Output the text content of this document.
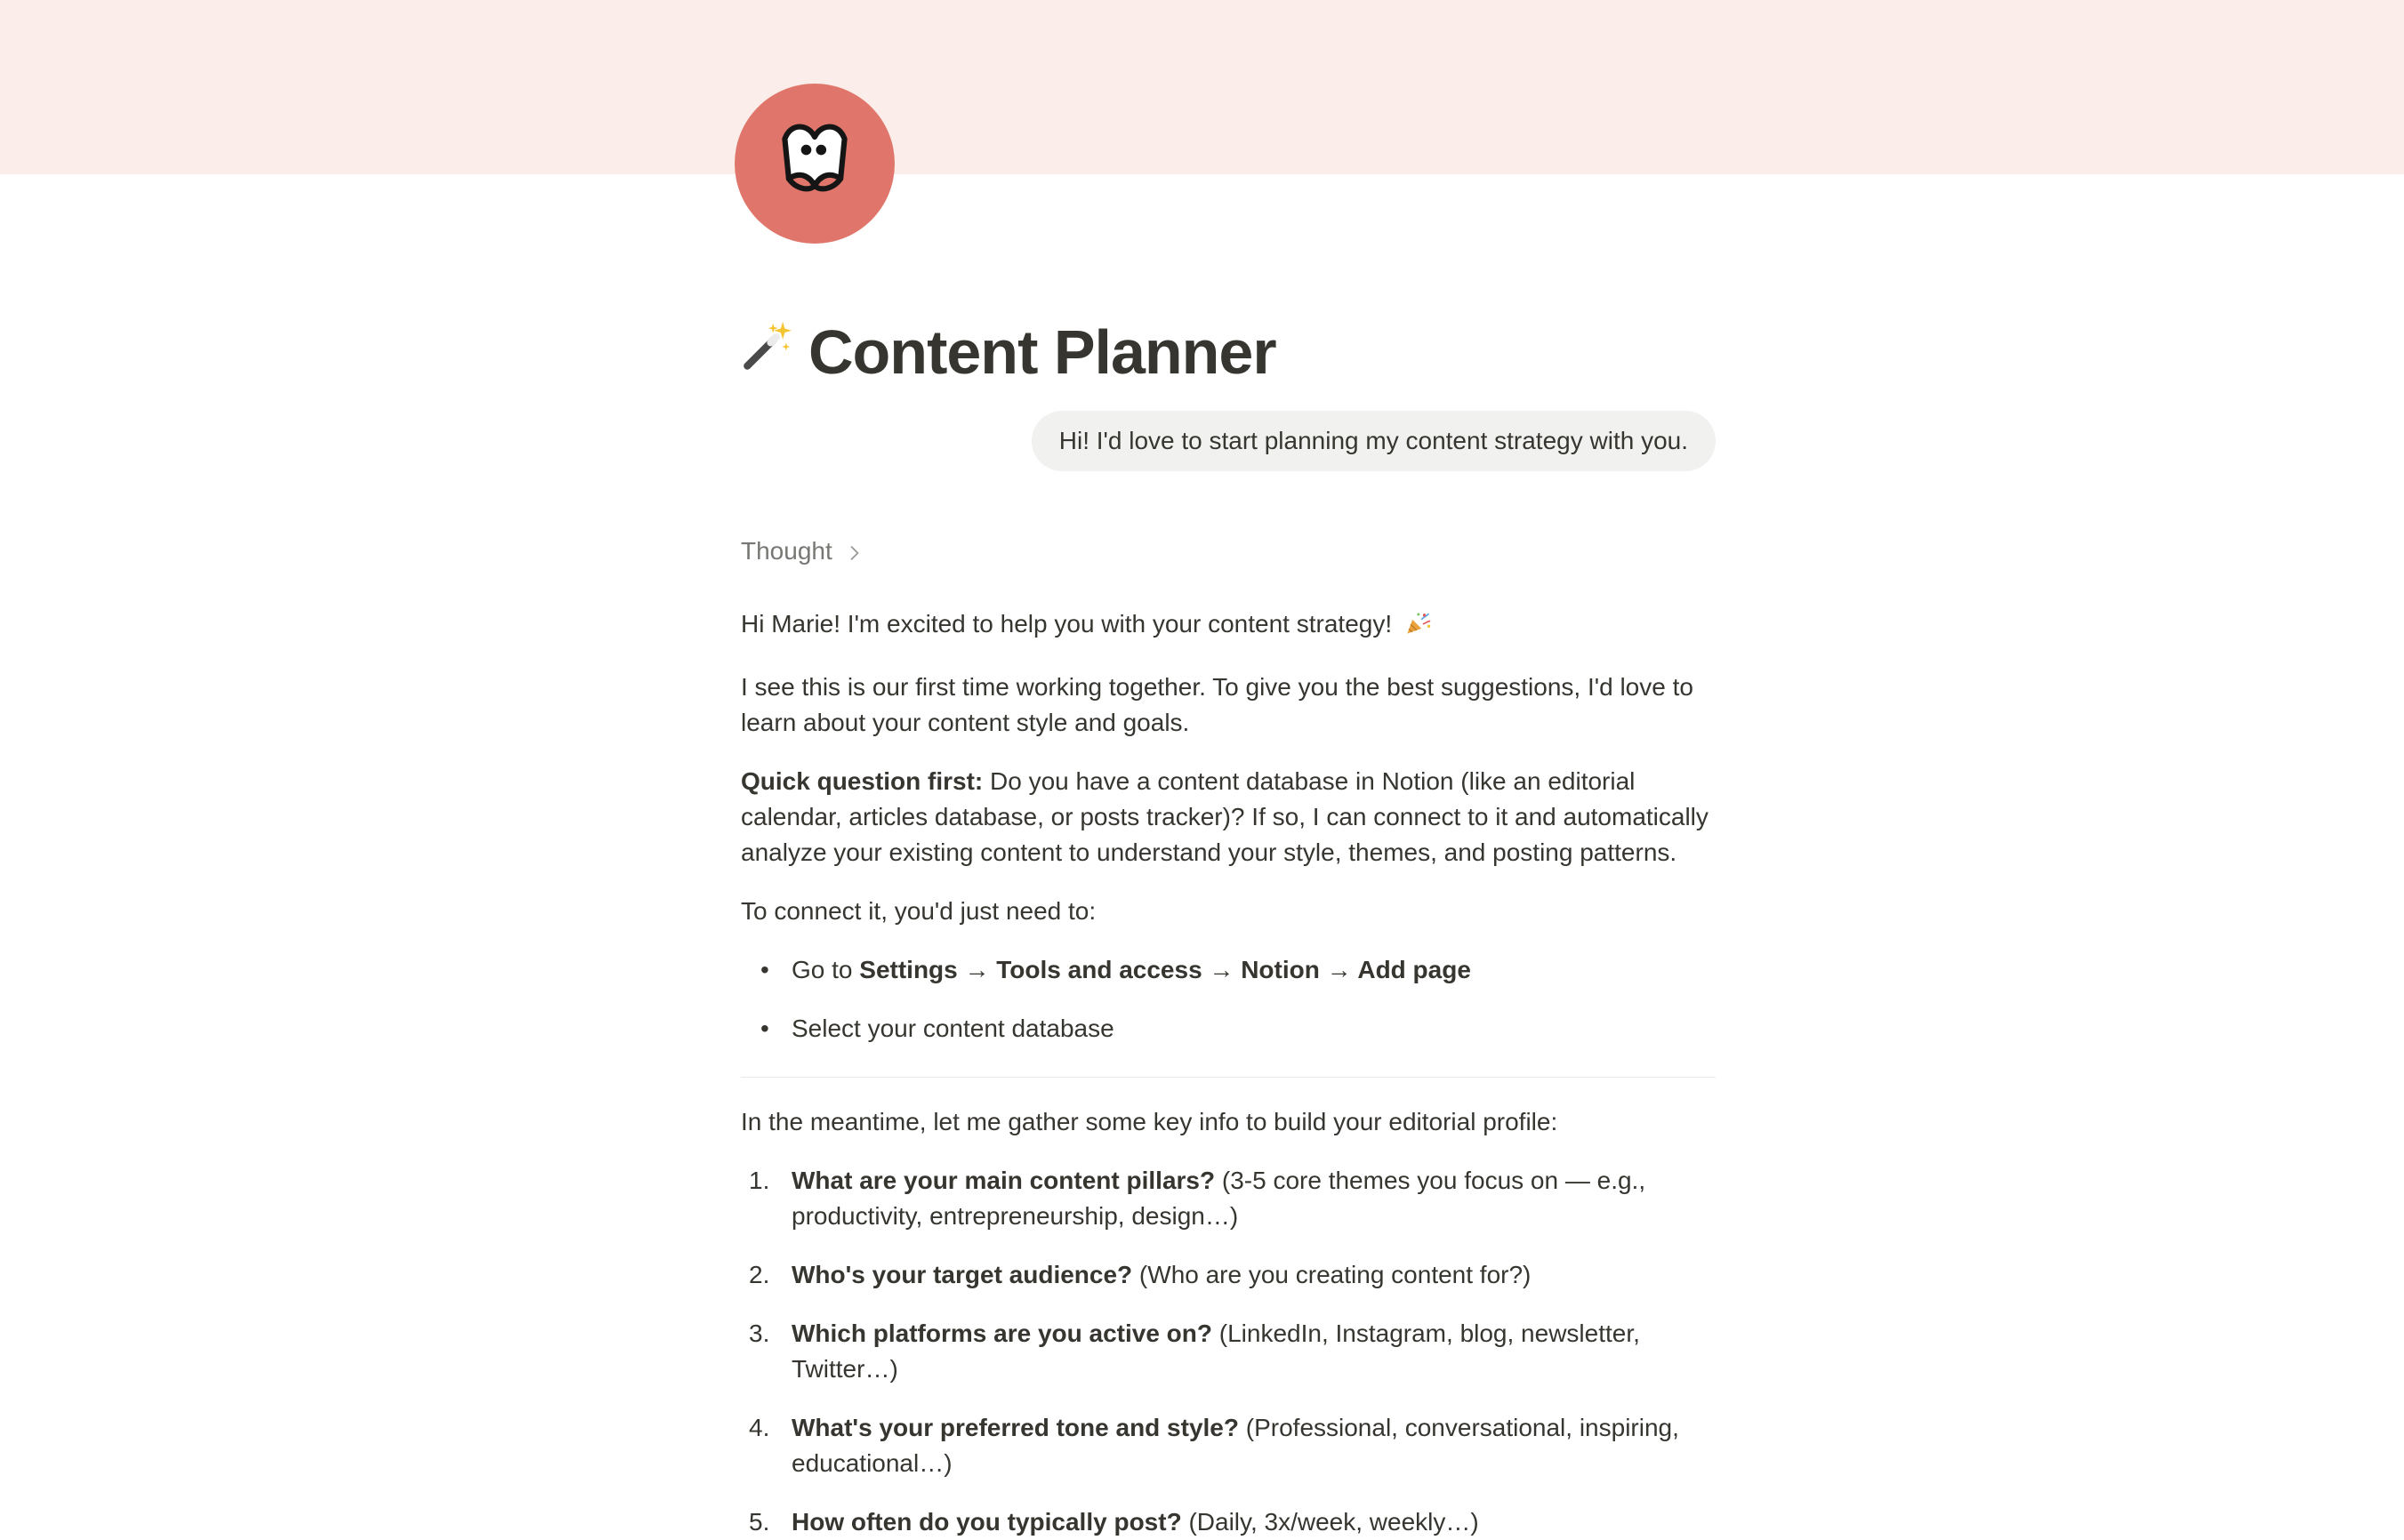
Content Planner
Hi! I'd love to start planning my content strategy with you.
Thought
Hi Marie! I'm excited to help you with your content strategy!
I see this is our first time working together. To give you the best suggestions, I'd love to learn about your content style and goals.
Quick question first: Do you have a content database in Notion (like an editorial calendar, articles database, or posts tracker)? If so, I can connect to it and automatically analyze your existing content to understand your style, themes, and posting patterns.
To connect it, you'd just need to:
• Go to Settings → Tools and access → Notion → Add page
• Select your content database
In the meantime, let me gather some key info to build your editorial profile:
1. What are your main content pillars? (3-5 core themes you focus on — e.g., productivity, entrepreneurship, design…)
2. Who's your target audience? (Who are you creating content for?)
3. Which platforms are you active on? (LinkedIn, Instagram, blog, newsletter, Twitter…)
4. What's your preferred tone and style? (Professional, conversational, inspiring, educational…)
5. How often do you typically post? (Daily, 3x/week, weekly…)
